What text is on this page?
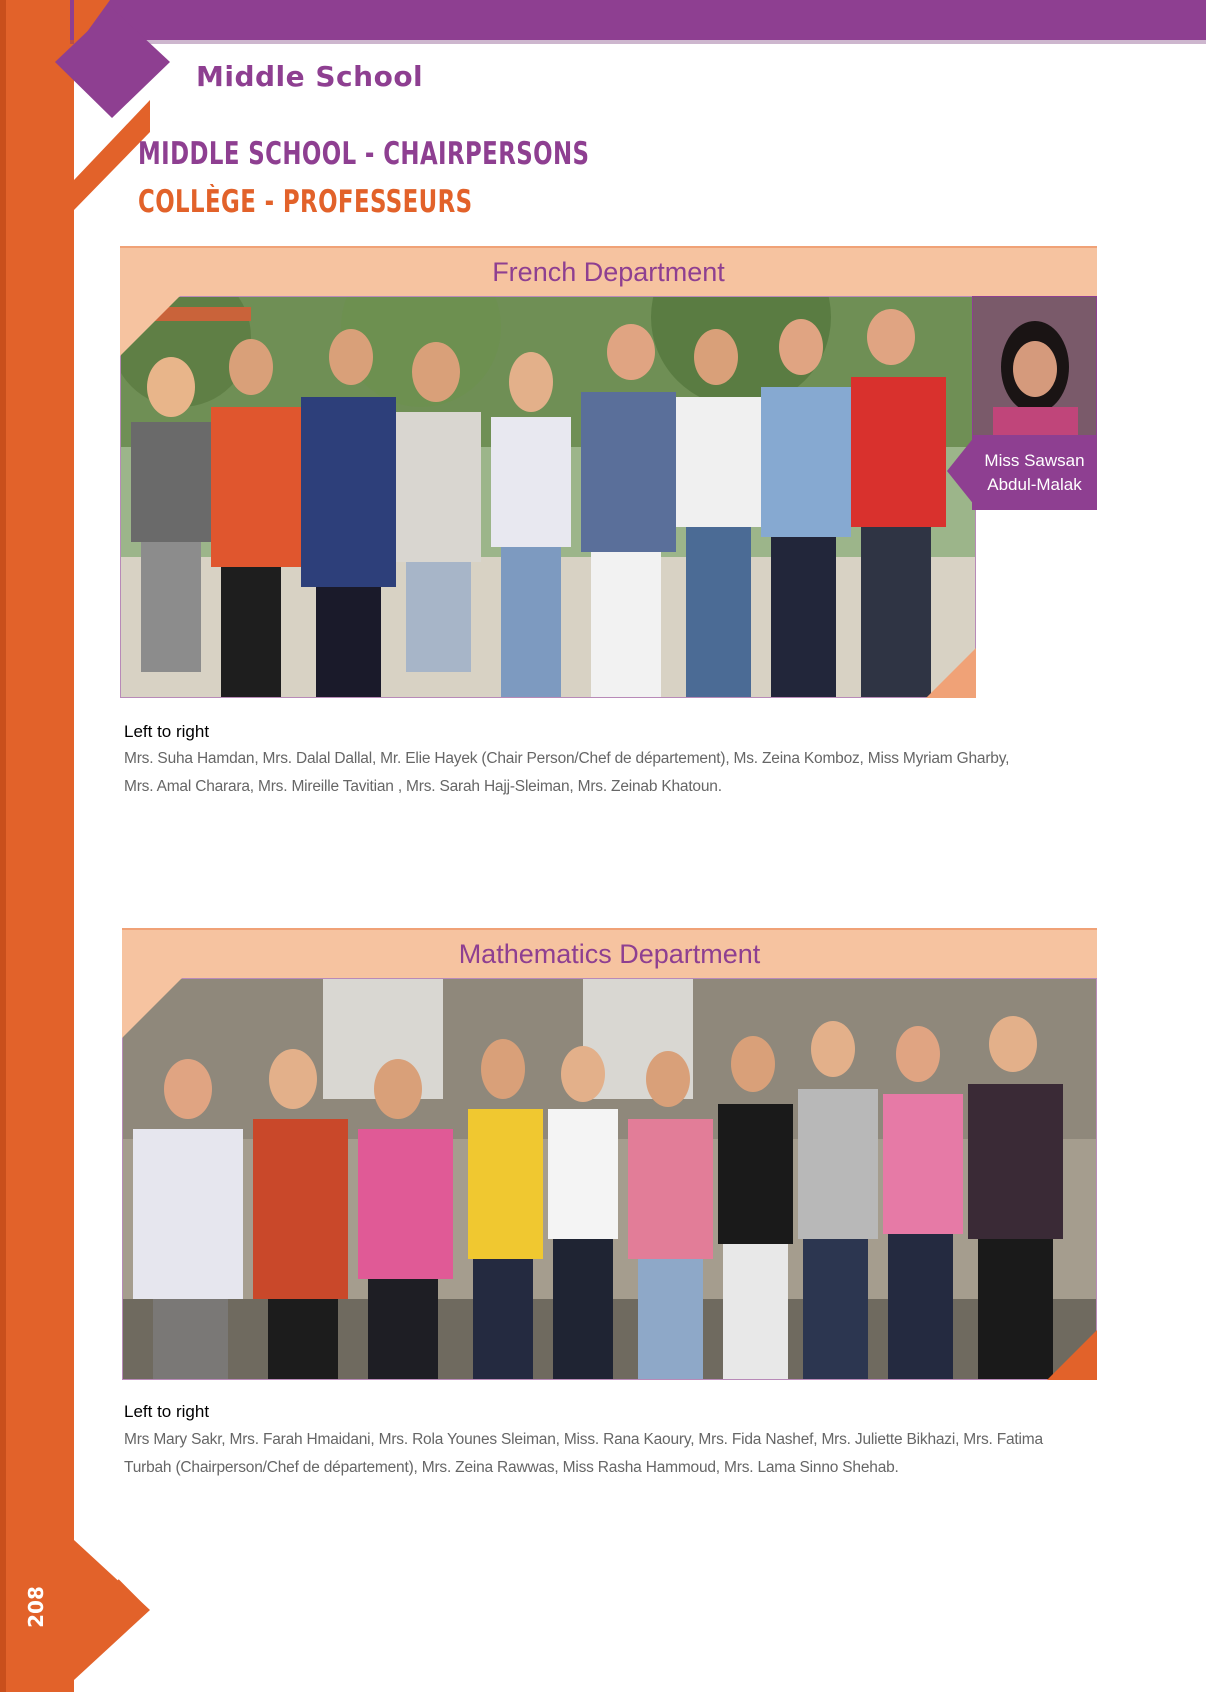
Middle School
MIDDLE SCHOOL - CHAIRPERSONS
COLLÈGE - PROFESSEURS
French Department
Miss Sawsan
Abdul-Malak

Left to right

Mrs. Suha Hamdan, Mrs. Dalal Dallal, Mr. Elie Hayek (Chair Person/Chef de département), Ms. Zeina Komboz, Miss Myriam Gharby,

Mrs. Amal Charara, Mrs. Mireille Tavitian , Mrs. Sarah Hajj-Sleiman, Mrs. Zeinab Khatoun.

Mathematics Department

Left to right

Mrs Mary Sakr, Mrs. Farah Hmaidani, Mrs. Rola Younes Sleiman, Miss. Rana Kaoury, Mrs. Fida Nashef, Mrs. Juliette Bikhazi, Mrs. Fatima

Turbah (Chairperson/Chef de département), Mrs. Zeina Rawwas, Miss Rasha Hammoud, Mrs. Lama Sinno Shehab.

208
